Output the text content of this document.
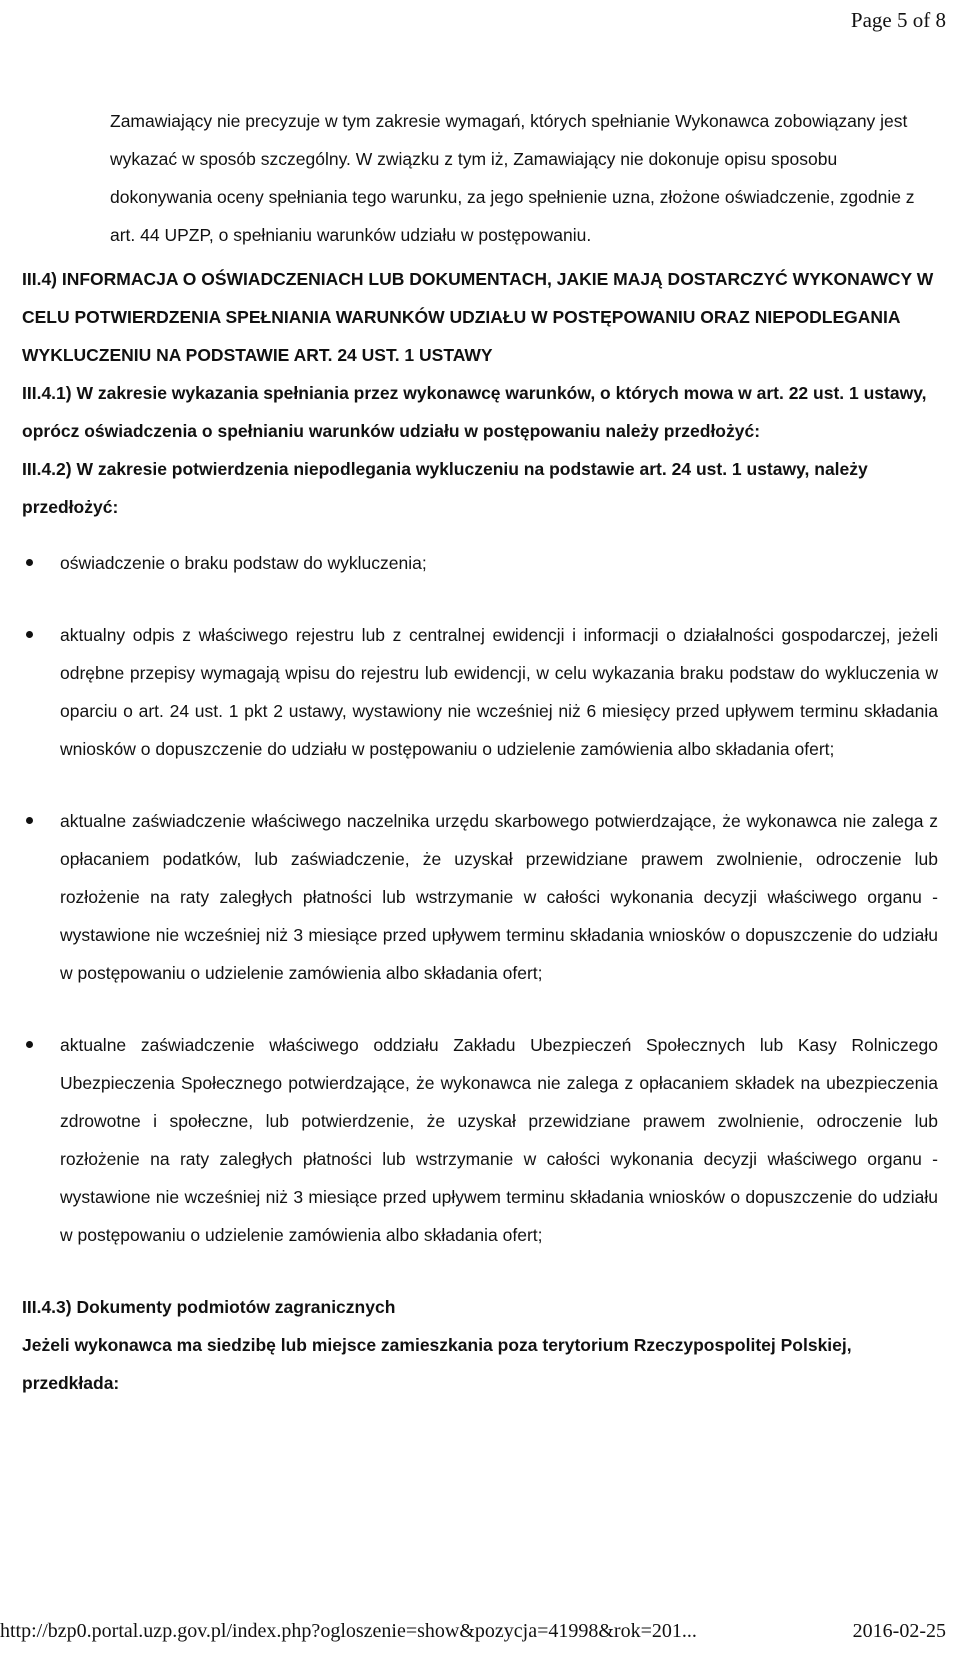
Page 5 of 8

Zamawiający nie precyzuje w tym zakresie wymagań, których spełnianie Wykonawca zobowiązany jest wykazać w sposób szczególny. W związku z tym iż, Zamawiający nie dokonuje opisu sposobu dokonywania oceny spełniania tego warunku, za jego spełnienie uzna, złożone oświadczenie, zgodnie z art. 44 UPZP, o spełnianiu warunków udziału w postępowaniu.

III.4) INFORMACJA O OŚWIADCZENIACH LUB DOKUMENTACH, JAKIE MAJĄ DOSTARCZYĆ WYKONAWCY W CELU POTWIERDZENIA SPEŁNIANIA WARUNKÓW UDZIAŁU W POSTĘPOWANIU ORAZ NIEPODLEGANIA WYKLUCZENIU NA PODSTAWIE ART. 24 UST. 1 USTAWY

III.4.1) W zakresie wykazania spełniania przez wykonawcę warunków, o których mowa w art. 22 ust. 1 ustawy, oprócz oświadczenia o spełnianiu warunków udziału w postępowaniu należy przedłożyć:

III.4.2) W zakresie potwierdzenia niepodlegania wykluczeniu na podstawie art. 24 ust. 1 ustawy, należy przedłożyć:

oświadczenie o braku podstaw do wykluczenia;
aktualny odpis z właściwego rejestru lub z centralnej ewidencji i informacji o działalności gospodarczej, jeżeli odrębne przepisy wymagają wpisu do rejestru lub ewidencji, w celu wykazania braku podstaw do wykluczenia w oparciu o art. 24 ust. 1 pkt 2 ustawy, wystawiony nie wcześniej niż 6 miesięcy przed upływem terminu składania wniosków o dopuszczenie do udziału w postępowaniu o udzielenie zamówienia albo składania ofert;
aktualne zaświadczenie właściwego naczelnika urzędu skarbowego potwierdzające, że wykonawca nie zalega z opłacaniem podatków, lub zaświadczenie, że uzyskał przewidziane prawem zwolnienie, odroczenie lub rozłożenie na raty zaległych płatności lub wstrzymanie w całości wykonania decyzji właściwego organu - wystawione nie wcześniej niż 3 miesiące przed upływem terminu składania wniosków o dopuszczenie do udziału w postępowaniu o udzielenie zamówienia albo składania ofert;
aktualne zaświadczenie właściwego oddziału Zakładu Ubezpieczeń Społecznych lub Kasy Rolniczego Ubezpieczenia Społecznego potwierdzające, że wykonawca nie zalega z opłacaniem składek na ubezpieczenia zdrowotne i społeczne, lub potwierdzenie, że uzyskał przewidziane prawem zwolnienie, odroczenie lub rozłożenie na raty zaległych płatności lub wstrzymanie w całości wykonania decyzji właściwego organu - wystawione nie wcześniej niż 3 miesiące przed upływem terminu składania wniosków o dopuszczenie do udziału w postępowaniu o udzielenie zamówienia albo składania ofert;

III.4.3) Dokumenty podmiotów zagranicznych

Jeżeli wykonawca ma siedzibę lub miejsce zamieszkania poza terytorium Rzeczypospolitej Polskiej, przedkłada:

http://bzp0.portal.uzp.gov.pl/index.php?ogloszenie=show&pozycja=41998&rok=201...	2016-02-25
